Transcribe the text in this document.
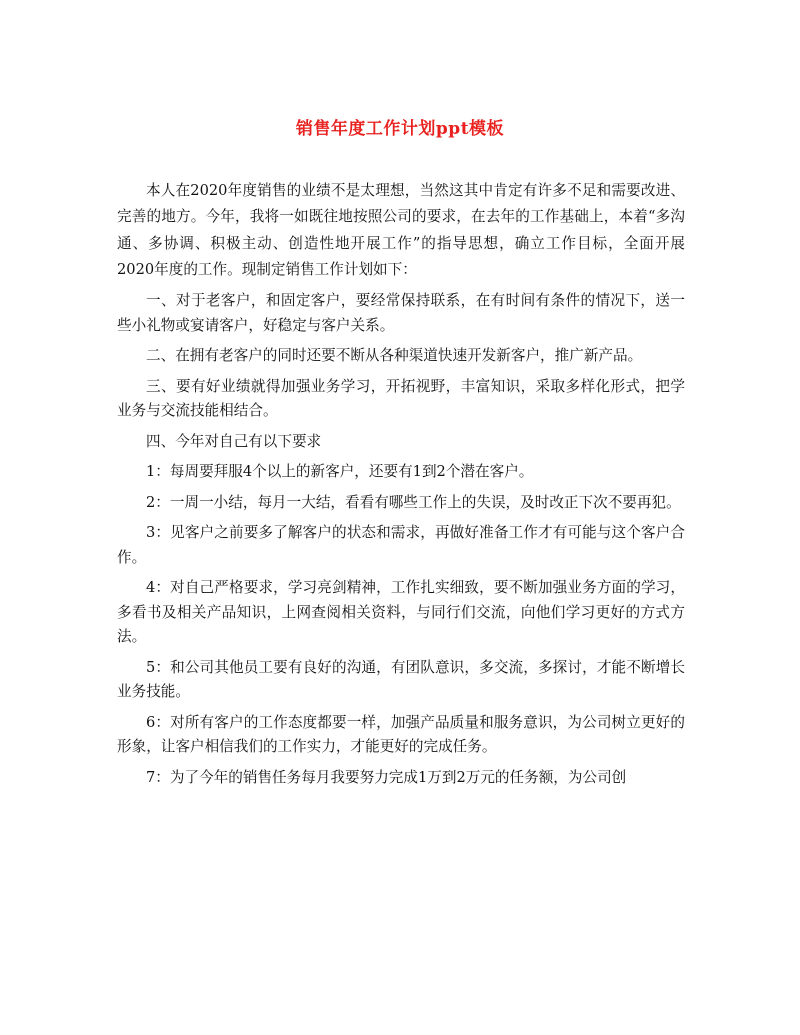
销售年度工作计划ppt模板

本人在2020年度销售的业绩不是太理想，当然这其中肯定有许多不足和需要改进、完善的地方。今年，我将一如既往地按照公司的要求，在去年的工作基础上，本着“多沟通、多协调、积极主动、创造性地开展工作”的指导思想，确立工作目标，全面开展2020年度的工作。现制定销售工作计划如下：

一、对于老客户，和固定客户，要经常保持联系，在有时间有条件的情况下，送一些小礼物或宴请客户，好稳定与客户关系。

二、在拥有老客户的同时还要不断从各种渠道快速开发新客户，推广新产品。

三、要有好业绩就得加强业务学习，开拓视野，丰富知识，采取多样化形式，把学业务与交流技能相结合。

四、今年对自己有以下要求

1：每周要拜服4个以上的新客户，还要有1到2个潜在客户。

2：一周一小结，每月一大结，看看有哪些工作上的失误，及时改正下次不要再犯。

3：见客户之前要多了解客户的状态和需求，再做好准备工作才有可能与这个客户合作。

4：对自己严格要求，学习亮剑精神，工作扎实细致，要不断加强业务方面的学习，多看书及相关产品知识，上网查阅相关资料，与同行们交流，向他们学习更好的方式方法。

5：和公司其他员工要有良好的沟通，有团队意识，多交流，多探讨，才能不断增长业务技能。

6：对所有客户的工作态度都要一样，加强产品质量和服务意识，为公司树立更好的形象，让客户相信我们的工作实力，才能更好的完成任务。

7：为了今年的销售任务每月我要努力完成1万到2万元的任务额，为公司创
